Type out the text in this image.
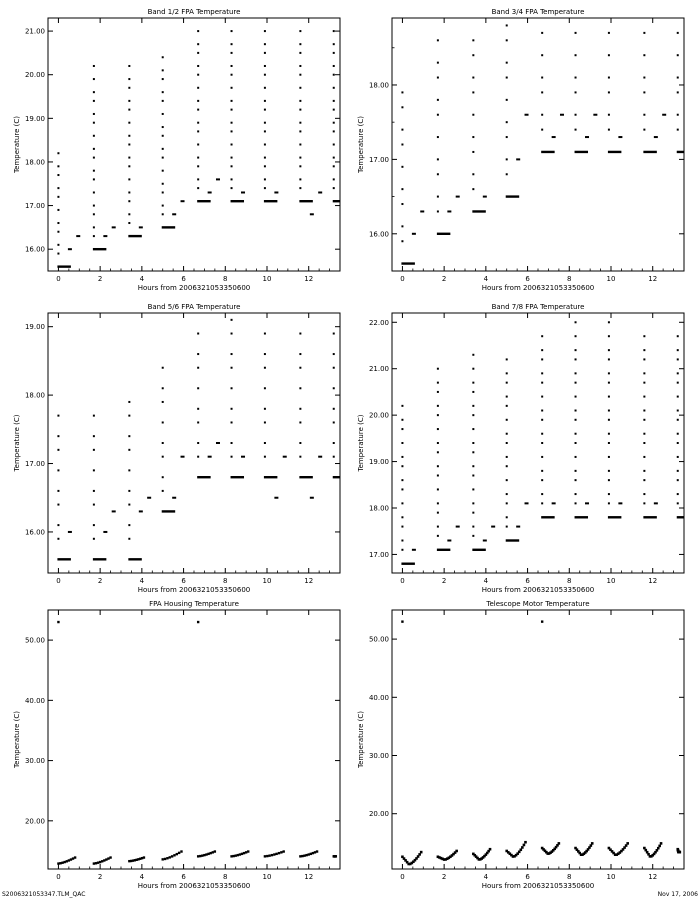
Band 1/2 FPA Temperature
Hours from 2006321053350600
Temperature (C)
0	2	4	6	8	10	12
16.00
17.00
18.00
19.00
20.00
21.00
Band 3/4 FPA Temperature
Hours from 2006321053350600
Temperature (C)
0	2	4	6	8	10	12
16.00
17.00
18.00
Band 5/6 FPA Temperature
Hours from 2006321053350600
Temperature (C)
0	2	4	6	8	10	12
16.00
17.00
18.00
19.00
Band 7/8 FPA Temperature
Hours from 2006321053350600
Temperature (C)
0	2	4	6	8	10	12
17.00
18.00
19.00
20.00
21.00
22.00
FPA Housing Temperature
Hours from 2006321053350600
Temperature (C)
0	2	4	6	8	10	12
20.00
30.00
40.00
50.00
Telescope Motor Temperature
Hours from 2006321053350600
Temperature (C)
0	2	4	6	8	10	12
20.00
30.00
40.00
50.00
S2006321053347.TLM_QAC	Nov 17, 2006
